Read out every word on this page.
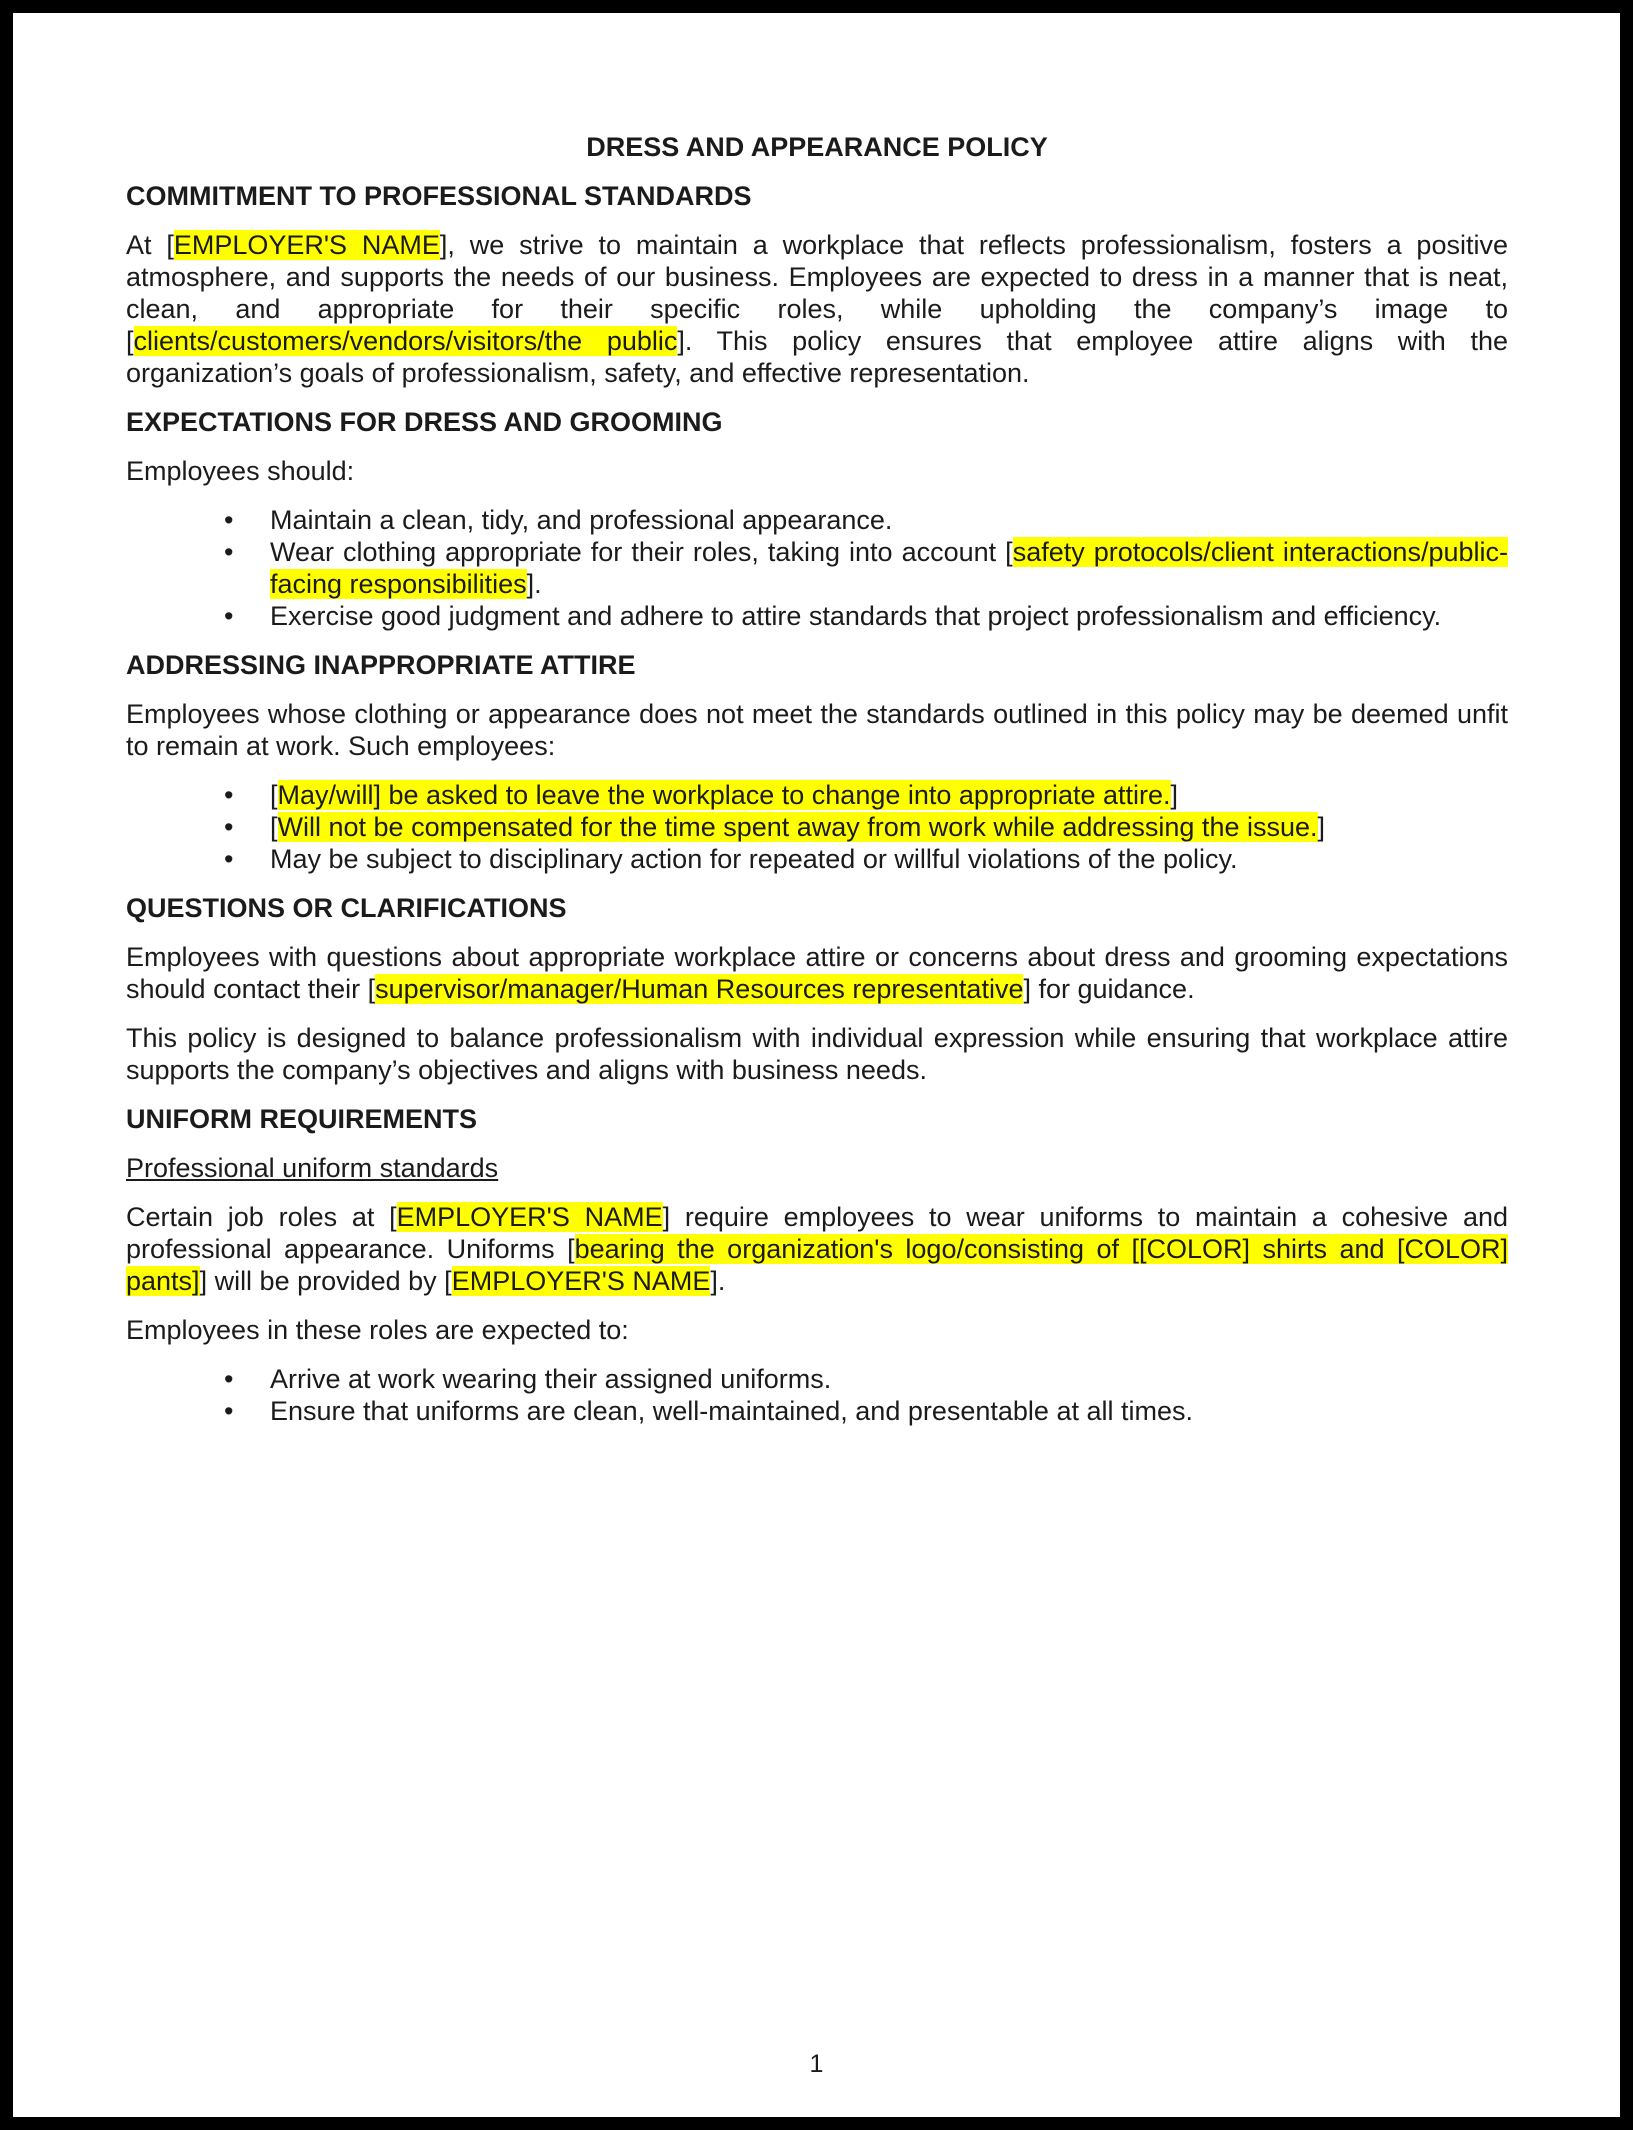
DRESS AND APPEARANCE POLICY

COMMITMENT TO PROFESSIONAL STANDARDS

At [EMPLOYER'S NAME], we strive to maintain a workplace that reflects professionalism, fosters a positive atmosphere, and supports the needs of our business. Employees are expected to dress in a manner that is neat, clean, and appropriate for their specific roles, while upholding the company’s image to [clients/customers/vendors/visitors/the public]. This policy ensures that employee attire aligns with the organization’s goals of professionalism, safety, and effective representation.

EXPECTATIONS FOR DRESS AND GROOMING

Employees should:

• Maintain a clean, tidy, and professional appearance.
• Wear clothing appropriate for their roles, taking into account [safety protocols/client interactions/public-facing responsibilities].
• Exercise good judgment and adhere to attire standards that project professionalism and efficiency.
ADDRESSING INAPPROPRIATE ATTIRE

Employees whose clothing or appearance does not meet the standards outlined in this policy may be deemed unfit to remain at work. Such employees:

• [May/will] be asked to leave the workplace to change into appropriate attire.]
• [Will not be compensated for the time spent away from work while addressing the issue.]
• May be subject to disciplinary action for repeated or willful violations of the policy.
QUESTIONS OR CLARIFICATIONS

Employees with questions about appropriate workplace attire or concerns about dress and grooming expectations should contact their [supervisor/manager/Human Resources representative] for guidance.

This policy is designed to balance professionalism with individual expression while ensuring that workplace attire supports the company’s objectives and aligns with business needs.

UNIFORM REQUIREMENTS

Professional uniform standards

Certain job roles at [EMPLOYER'S NAME] require employees to wear uniforms to maintain a cohesive and professional appearance. Uniforms [bearing the organization's logo/consisting of [[COLOR] shirts and [COLOR] pants]] will be provided by [EMPLOYER'S NAME].

Employees in these roles are expected to:

• Arrive at work wearing their assigned uniforms.
• Ensure that uniforms are clean, well-maintained, and presentable at all times.
1
